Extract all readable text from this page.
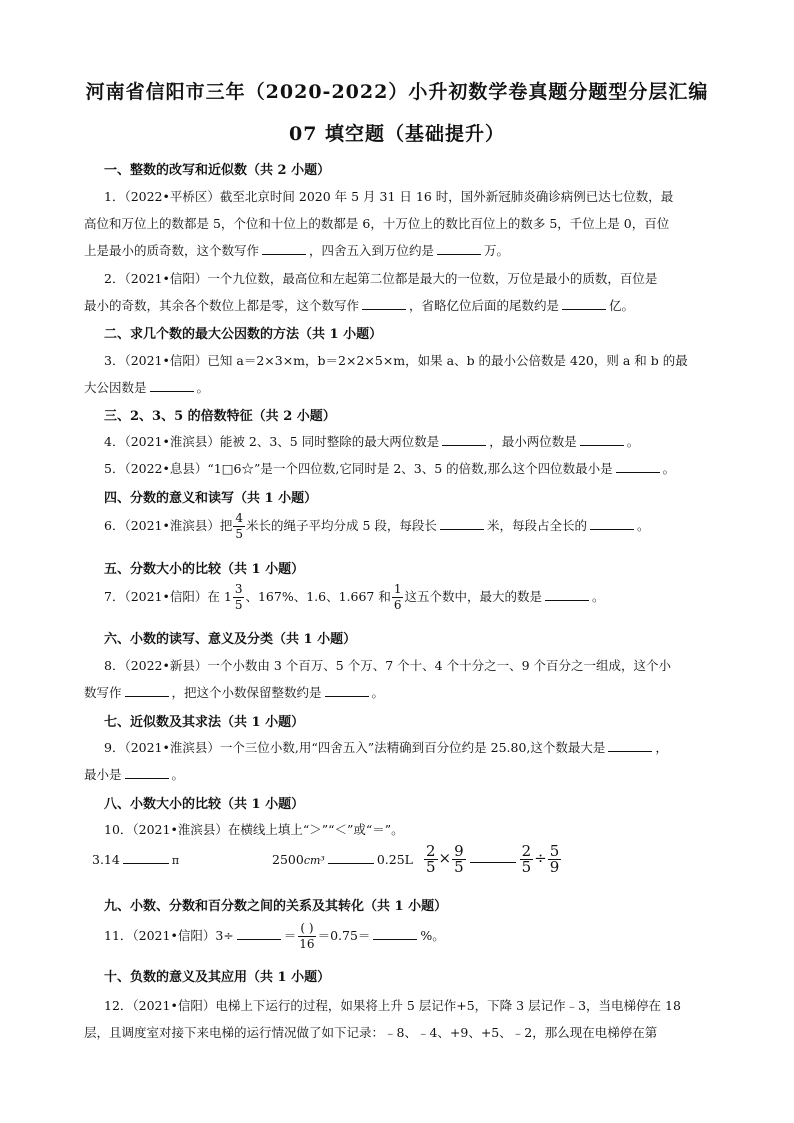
河南省信阳市三年（2020-2022）小升初数学卷真题分题型分层汇编
07 填空题（基础提升）
一、整数的改写和近似数（共 2 小题）
1．（2022•平桥区）截至北京时间 2020 年 5 月 31 日 16 时，国外新冠肺炎确诊病例已达七位数，最
高位和万位上的数都是 5，个位和十位上的数都是 6，十万位上的数比百位上的数多 5，千位上是 0，百位
上是最小的质奇数，这个数写作	，四舍五入到万位约是	万。
2．（2021•信阳）一个九位数，最高位和左起第二位都是最大的一位数，万位是最小的质数，百位是
最小的奇数，其余各个数位上都是零，这个数写作	，省略亿位后面的尾数约是	亿。
二、求几个数的最大公因数的方法（共 1 小题）
3．（2021•信阳）已知 a＝2×3×m，b＝2×2×5×m，如果 a、b 的最小公倍数是 420，则 a 和 b 的最
大公因数是	。
三、2、3、5 的倍数特征（共 2 小题）
4．（2021•淮滨县）能被 2、3、5 同时整除的最大两位数是	，最小两位数是	。
5．（2022•息县）“1□6☆”是一个四位数,它同时是 2、3、5 的倍数,那么这个四位数最小是	。
四、分数的意义和读写（共 1 小题）
6．（2021•淮滨县）把 $\frac{4}{5}$ 米长的绳子平均分成 5 段，每段长	米，每段占全长的	。
五、分数大小的比较（共 1 小题）
7．（2021•信阳）在 $1 \frac{3}{5}$ 、167%、1.6、1.667 和 $\frac{1}{6}$ 这五个数中，最大的数是	。
六、小数的读写、意义及分类（共 1 小题）
8．（2022•新县）一个小数由 3 个百万、5 个万、7 个十、4 个十分之一、9 个百分之一组成，这个小
数写作	，把这个小数保留整数约是	。
七、近似数及其求法（共 1 小题）
9．（2021•淮滨县）一个三位小数,用“四舍五入”法精确到百分位约是 25.80,这个数最大是	，
最小是	。
八、小数大小的比较（共 1 小题）
10．（2021•淮滨县）在横线上填上“＞”“＜”或“＝”。
3.14	π	2500cm³	$0.25L \frac{2}{5} \times \frac{9}{5}$	$\frac{2}{5} \div \frac{5}{9}$
九、小数、分数和百分数之间的关系及其转化（共 1 小题）
11．（2021•信阳）3÷	＝ $\frac{( )}{16} =0.75=$	%。
十、负数的意义及其应用（共 1 小题）
12．（2021•信阳）电梯上下运行的过程，如果将上升 5 层记作+5，下降 3 层记作﹣3，当电梯停在 18
层，且调度室对接下来电梯的运行情况做了如下记录：﹣8、﹣4、+9、+5、﹣2，那么现在电梯停在第
